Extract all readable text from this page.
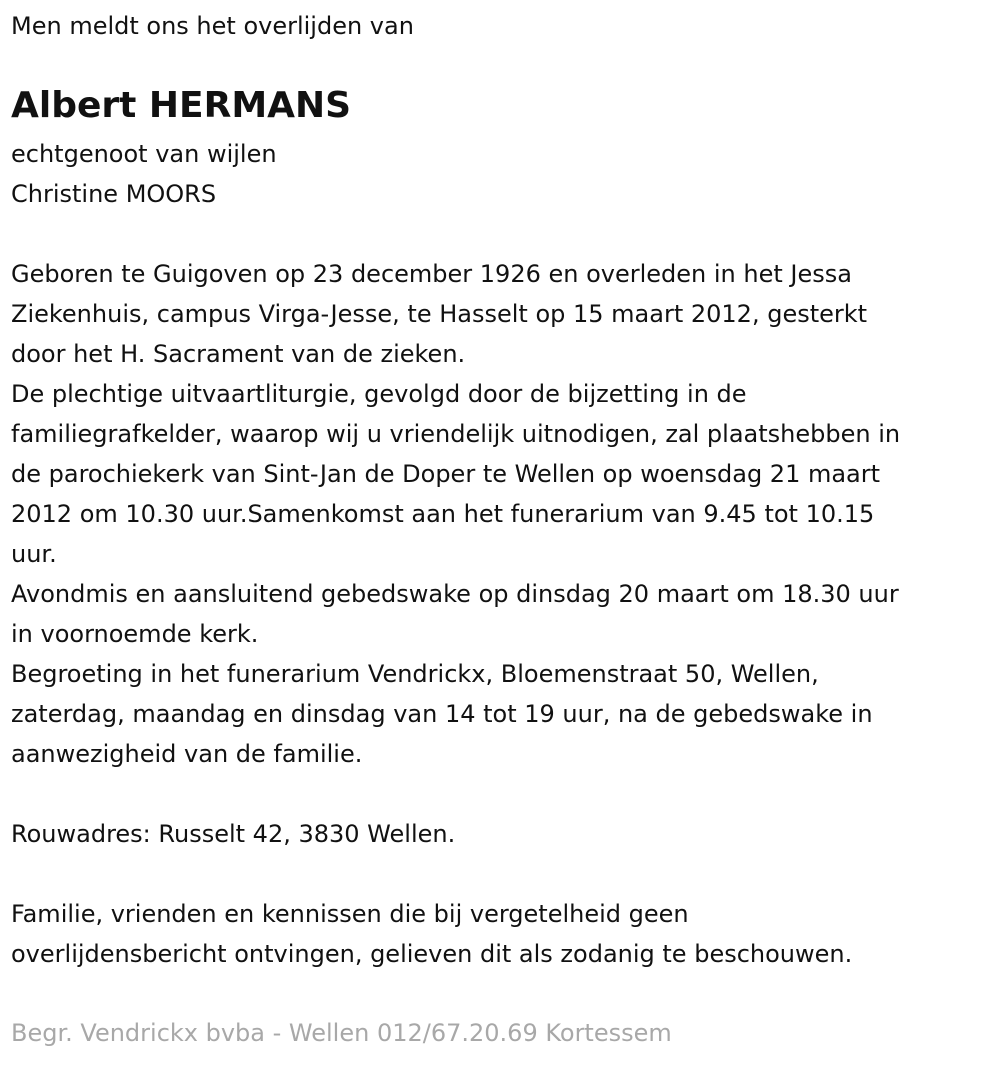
Men meldt ons het overlijden van
Albert HERMANS
echtgenoot van wijlen
Christine MOORS
Geboren te Guigoven op 23 december 1926 en overleden in het Jessa
Ziekenhuis, campus Virga-Jesse, te Hasselt op 15 maart 2012, gesterkt
door het H. Sacrament van de zieken.
De plechtige uitvaartliturgie, gevolgd door de bijzetting in de
familiegrafkelder, waarop wij u vriendelijk uitnodigen, zal plaatshebben in
de parochiekerk van Sint-Jan de Doper te Wellen op woensdag 21 maart
2012 om 10.30 uur.Samenkomst aan het funerarium van 9.45 tot 10.15
uur.
Avondmis en aansluitend gebedswake op dinsdag 20 maart om 18.30 uur
in voornoemde kerk.
Begroeting in het funerarium Vendrickx, Bloemenstraat 50, Wellen,
zaterdag, maandag en dinsdag van 14 tot 19 uur, na de gebedswake in
aanwezigheid van de familie.
Rouwadres: Russelt 42, 3830 Wellen.
Familie, vrienden en kennissen die bij vergetelheid geen
overlijdensbericht ontvingen, gelieven dit als zodanig te beschouwen.
Begr. Vendrickx bvba - Wellen 012/67.20.69 Kortessem
